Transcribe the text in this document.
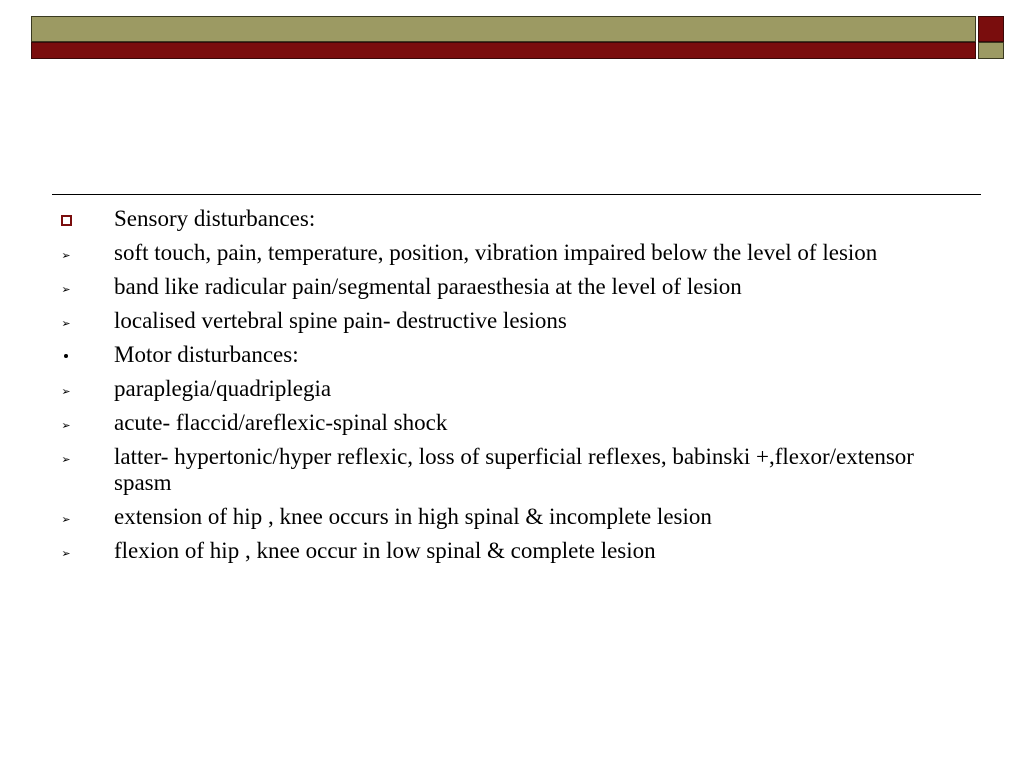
Sensory disturbances:
➢ soft touch, pain, temperature, position, vibration impaired below the level of lesion
➢ band like radicular pain/segmental paraesthesia at the level of lesion
➢ localised vertebral spine pain- destructive lesions
Motor disturbances:
➢ paraplegia/quadriplegia
➢ acute- flaccid/areflexic-spinal shock
➢ latter- hypertonic/hyper reflexic, loss of superficial reflexes, babinski +,flexor/extensor spasm
➢ extension of hip , knee occurs in high spinal & incomplete lesion
➢ flexion of hip , knee occur in low spinal & complete lesion
